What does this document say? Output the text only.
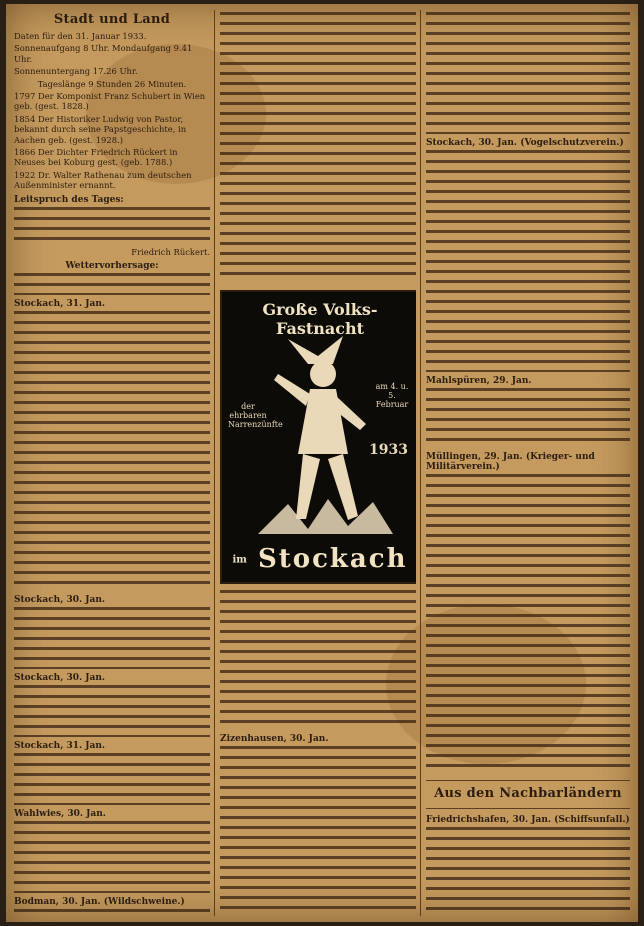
Stadt und Land
Daten für den 31. Januar 1933.
Sonnenaufgang 8 Uhr. Mondaufgang 9.41 Uhr.
Sonnenuntergang 17.26 Uhr.
Tageslänge 9 Stunden 26 Minuten.
1797 Der Komponist Franz Schubert in Wien geb. (gest. 1828.)
1854 Der Historiker Ludwig von Pastor, bekannt durch seine Papstgeschichte, in Aachen geb. (gest. 1928.)
1866 Der Dichter Friedrich Rückert in Neuses bei Koburg gest. (geb. 1788.)
1922 Dr. Walter Rathenau zum deutschen Außenminister ernannt.
Leitspruch des Tages:
Friedrich Rückert.
Wettervorhersage:
Stockach, 31. Jan.
Stockach, 30. Jan.
Stockach, 30. Jan.
Stockach, 31. Jan.
Wahlwies, 30. Jan.
Bodman, 30. Jan. (Wildschweine.)
Große Volks-Fastnacht
der ehrbaren Narrenzünfte
am 4. u. 5. Februar
1933
im Stockach
Zizenhausen, 30. Jan.
Stockach, 30. Jan. (Vogelschutzverein.)
Mahlspüren, 29. Jan.
Müllingen, 29. Jan. (Krieger- und Militärverein.)
Aus den Nachbarländern
Friedrichshafen, 30. Jan. (Schiffsunfall.)
